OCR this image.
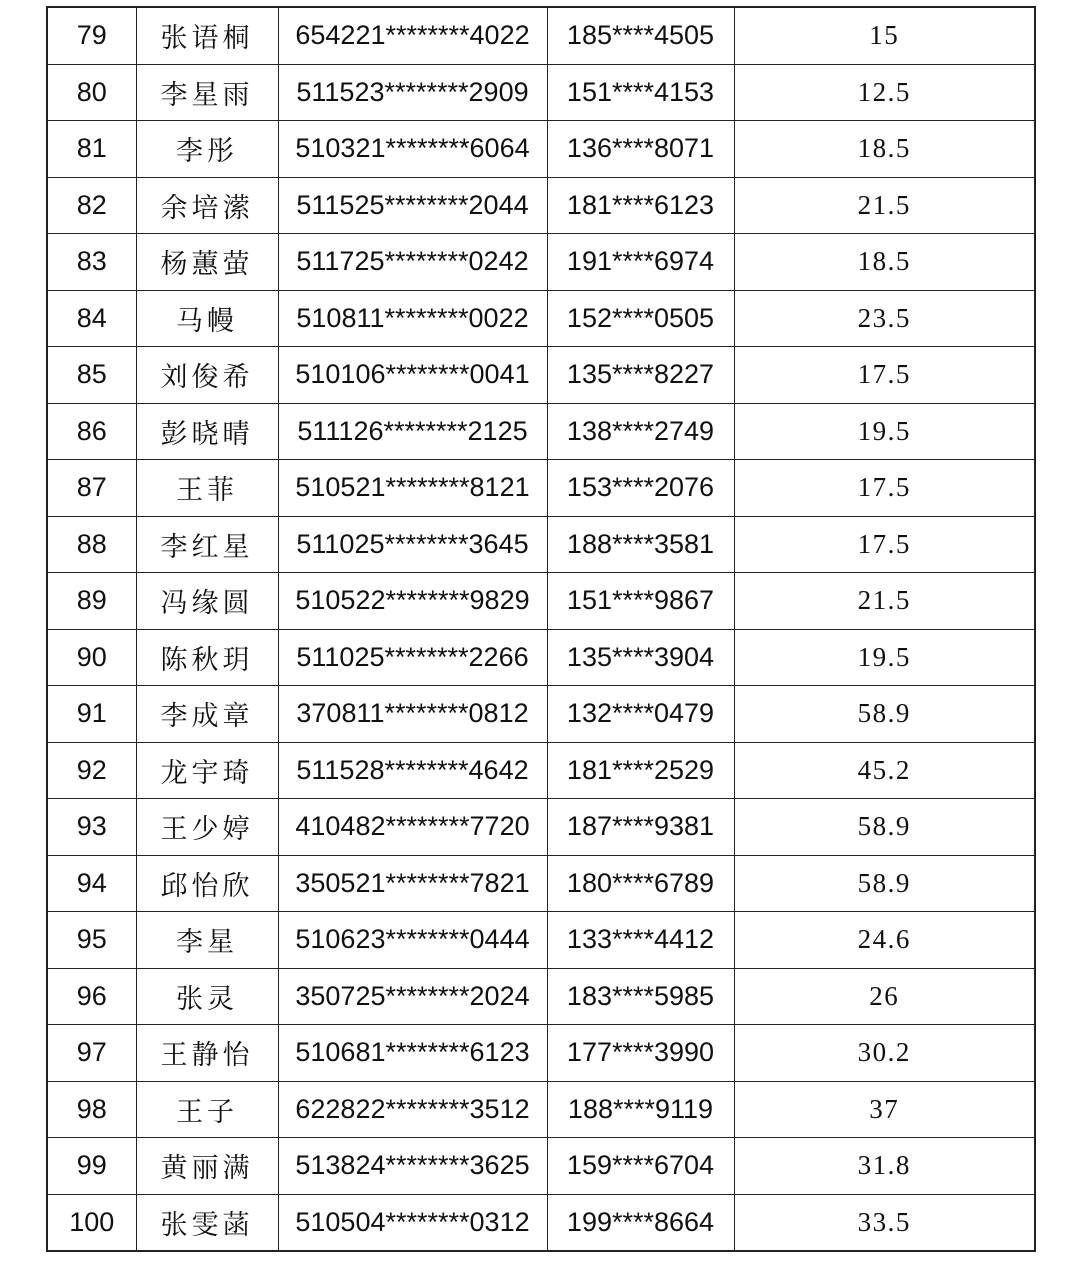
79	张语桐	654221********4022	185****4505	15
80	李星雨	511523********2909	151****4153	12.5
81	李彤	510321********6064	136****8071	18.5
82	余培潆	511525********2044	181****6123	21.5
83	杨蕙萤	511725********0242	191****6974	18.5
84	马幔	510811********0022	152****0505	23.5
85	刘俊希	510106********0041	135****8227	17.5
86	彭晓晴	511126********2125	138****2749	19.5
87	王菲	510521********8121	153****2076	17.5
88	李红星	511025********3645	188****3581	17.5
89	冯缘圆	510522********9829	151****9867	21.5
90	陈秋玥	511025********2266	135****3904	19.5
91	李成章	370811********0812	132****0479	58.9
92	龙宇琦	511528********4642	181****2529	45.2
93	王少婷	410482********7720	187****9381	58.9
94	邱怡欣	350521********7821	180****6789	58.9
95	李星	510623********0444	133****4412	24.6
96	张灵	350725********2024	183****5985	26
97	王静怡	510681********6123	177****3990	30.2
98	王子	622822********3512	188****9119	37
99	黄丽满	513824********3625	159****6704	31.8
100	张雯菡	510504********0312	199****8664	33.5
